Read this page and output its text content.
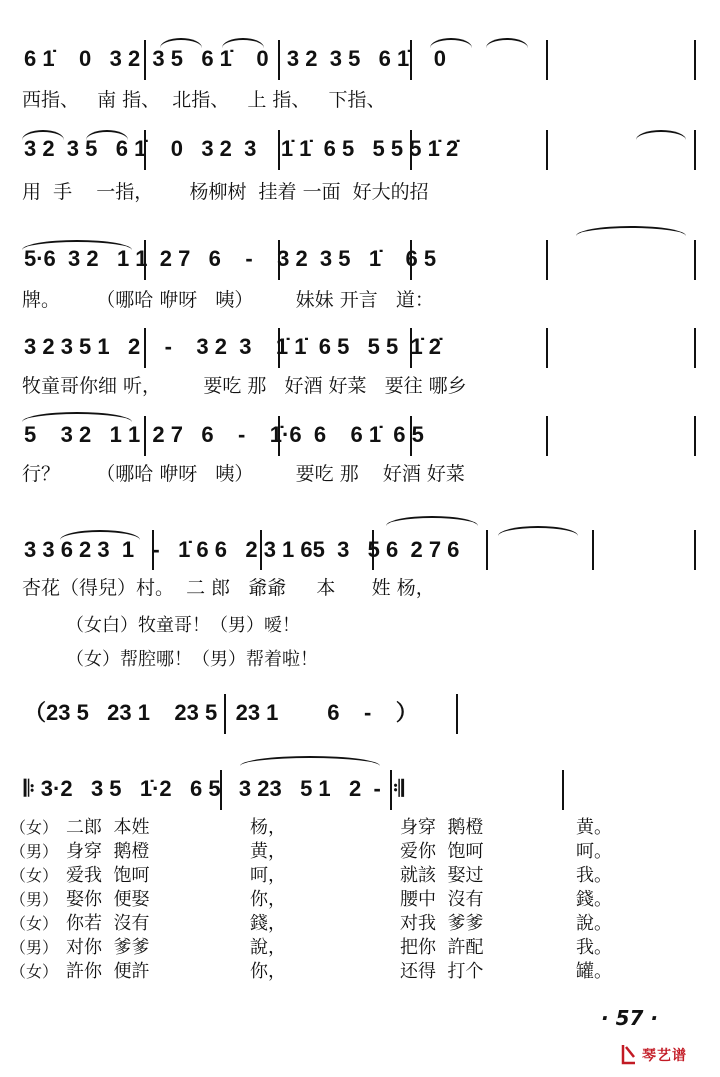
6 1̇    0   3 2  3 5   6 1̇    0   3 2  3 5   6 1̇    0
西指、   南 指、  北指、   上 指、   下指、
3 2  3 5   6 1̇    0   3 2  3    1̇ 1̇  6 5   5 5 5 1̇ 2̇
用  手    一指，      杨柳树  挂着 一面  好大的招
5·6  3 2   1 1  2 7   6    -    3 2  3 5   1̇    6 5
牌。      （哪哈 咿呀   咦）       妹妹 开言   道：
3 2 3 5 1   2    -    3 2  3    1̇ 1̇  6 5   5 5  1̇ 2̇
牧童哥你细 听，       要吃 那   好酒 好菜   要往 哪乡
5    3 2   1 1  2 7   6    -    1̇·6  6    6 1̇  6 5
行？      （哪哈 咿呀   咦）       要吃 那    好酒 好菜
3 3 6 2 3  1   -   1̇ 6 6   2 3 1 65  3   5 6  2 7 6
杏花（得兒）村。  二 郎   爺爺     本      姓 杨，
（女白）牧童哥！（男）嗳！
（女）帮腔哪！（男）帮着啦！
（23 5   23 1    23 5   23 1        6    -    ）
𝄆 3·2   3 5   1̇·2   6 5   3 23   5 1   2  -  𝄇
（女） 二郎  本姓	杨，	身穿  鹅橙	黄。
（男） 身穿  鹅橙	黄，	爱你  饱呵	呵。
（女） 爱我  饱呵	呵，	就該  娶过	我。
（男） 娶你  便娶	你，	腰中  沒有	錢。
（女） 你若  沒有	錢，	对我  爹爹	說。
（男） 对你  爹爹	說，	把你  許配	我。
（女） 許你  便許	你，	还得  打个	罐。
· 57 ·
琴艺谱
